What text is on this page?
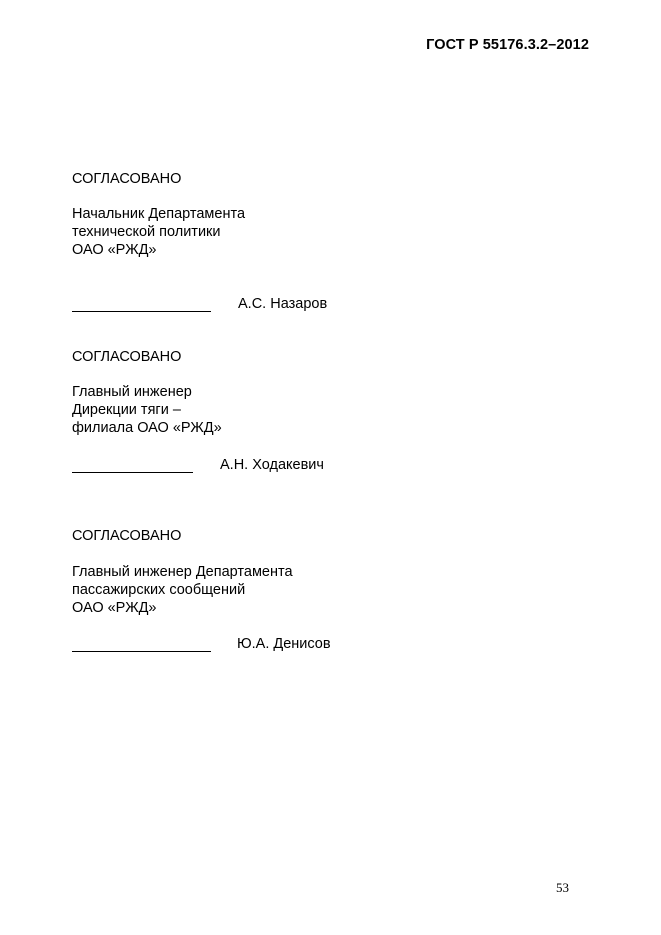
ГОСТ Р 55176.3.2–2012
СОГЛАСОВАНО
Начальник Департамента
технической политики
ОАО «РЖД»
А.С. Назаров
СОГЛАСОВАНО
Главный инженер
Дирекции тяги –
филиала ОАО «РЖД»
А.Н. Ходакевич
СОГЛАСОВАНО
Главный инженер Департамента
пассажирских сообщений
ОАО «РЖД»
Ю.А. Денисов
53
